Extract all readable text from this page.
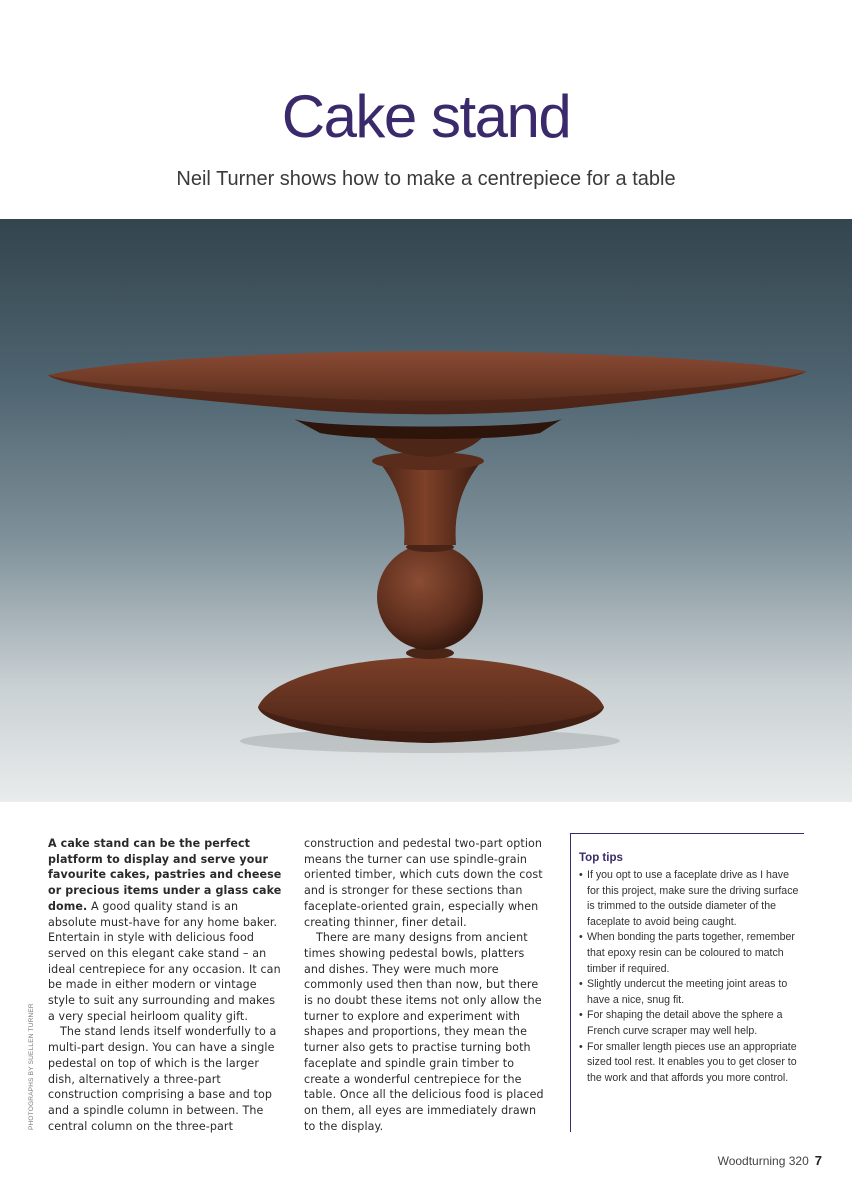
Cake stand

Neil Turner shows how to make a centrepiece for a table

PHOTOGRAPHS BY SUELLEN TURNER

A cake stand can be the perfect platform to display and serve your favourite cakes, pastries and cheese or precious items under a glass cake dome. A good quality stand is an absolute must-have for any home baker. Entertain in style with delicious food served on this elegant cake stand – an ideal centrepiece for any occasion. It can be made in either modern or vintage style to suit any surrounding and makes a very special heirloom quality gift.

The stand lends itself wonderfully to a multi-part design. You can have a single pedestal on top of which is the larger dish, alternatively a three-part construction comprising a base and top and a spindle column in between. The central column on the three-part

construction and pedestal two-part option means the turner can use spindle-grain oriented timber, which cuts down the cost and is stronger for these sections than faceplate-oriented grain, especially when creating thinner, finer detail.

There are many designs from ancient times showing pedestal bowls, platters and dishes. They were much more commonly used then than now, but there is no doubt these items not only allow the turner to explore and experiment with shapes and proportions, they mean the turner also gets to practise turning both faceplate and spindle grain timber to create a wonderful centrepiece for the table. Once all the delicious food is placed on them, all eyes are immediately drawn to the display.

Top tips
• If you opt to use a faceplate drive as I have for this project, make sure the driving surface is trimmed to the outside diameter of the faceplate to avoid being caught.
• When bonding the parts together, remember that epoxy resin can be coloured to match timber if required.
• Slightly undercut the meeting joint areas to have a nice, snug fit.
• For shaping the detail above the sphere a French curve scraper may well help.
• For smaller length pieces use an appropriate sized tool rest. It enables you to get closer to the work and that affords you more control.
Woodturning 320 7
